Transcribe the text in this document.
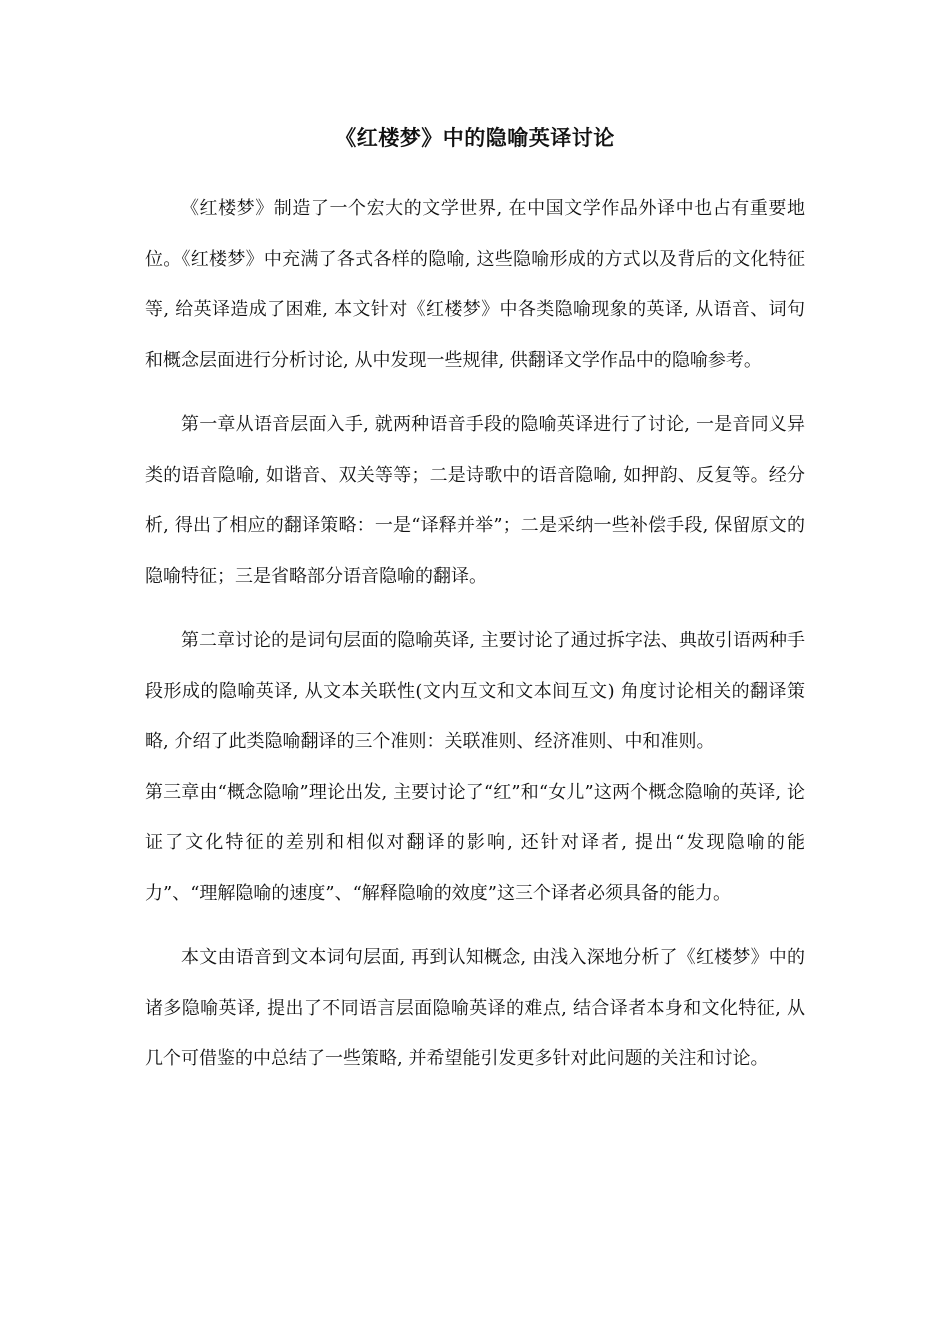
《红楼梦》中的隐喻英译讨论

《红楼梦》制造了一个宏大的文学世界, 在中国文学作品外译中也占有重要地位。《红楼梦》中充满了各式各样的隐喻, 这些隐喻形成的方式以及背后的文化特征等, 给英译造成了困难, 本文针对《红楼梦》中各类隐喻现象的英译, 从语音、词句和概念层面进行分析讨论, 从中发现一些规律, 供翻译文学作品中的隐喻参考。

第一章从语音层面入手, 就两种语音手段的隐喻英译进行了讨论, 一是音同义异类的语音隐喻, 如谐音、双关等等；二是诗歌中的语音隐喻, 如押韵、反复等。经分析, 得出了相应的翻译策略：一是“译释并举”；二是采纳一些补偿手段, 保留原文的隐喻特征；三是省略部分语音隐喻的翻译。

第二章讨论的是词句层面的隐喻英译, 主要讨论了通过拆字法、典故引语两种手段形成的隐喻英译, 从文本关联性(文内互文和文本间互文) 角度讨论相关的翻译策略, 介绍了此类隐喻翻译的三个准则：关联准则、经济准则、中和准则。

第三章由“概念隐喻”理论出发, 主要讨论了“红”和“女儿”这两个概念隐喻的英译, 论证了文化特征的差别和相似对翻译的影响, 还针对译者, 提出“发现隐喻的能力”、“理解隐喻的速度”、“解释隐喻的效度”这三个译者必须具备的能力。

本文由语音到文本词句层面, 再到认知概念, 由浅入深地分析了《红楼梦》中的诸多隐喻英译, 提出了不同语言层面隐喻英译的难点, 结合译者本身和文化特征, 从几个可借鉴的中总结了一些策略, 并希望能引发更多针对此问题的关注和讨论。
